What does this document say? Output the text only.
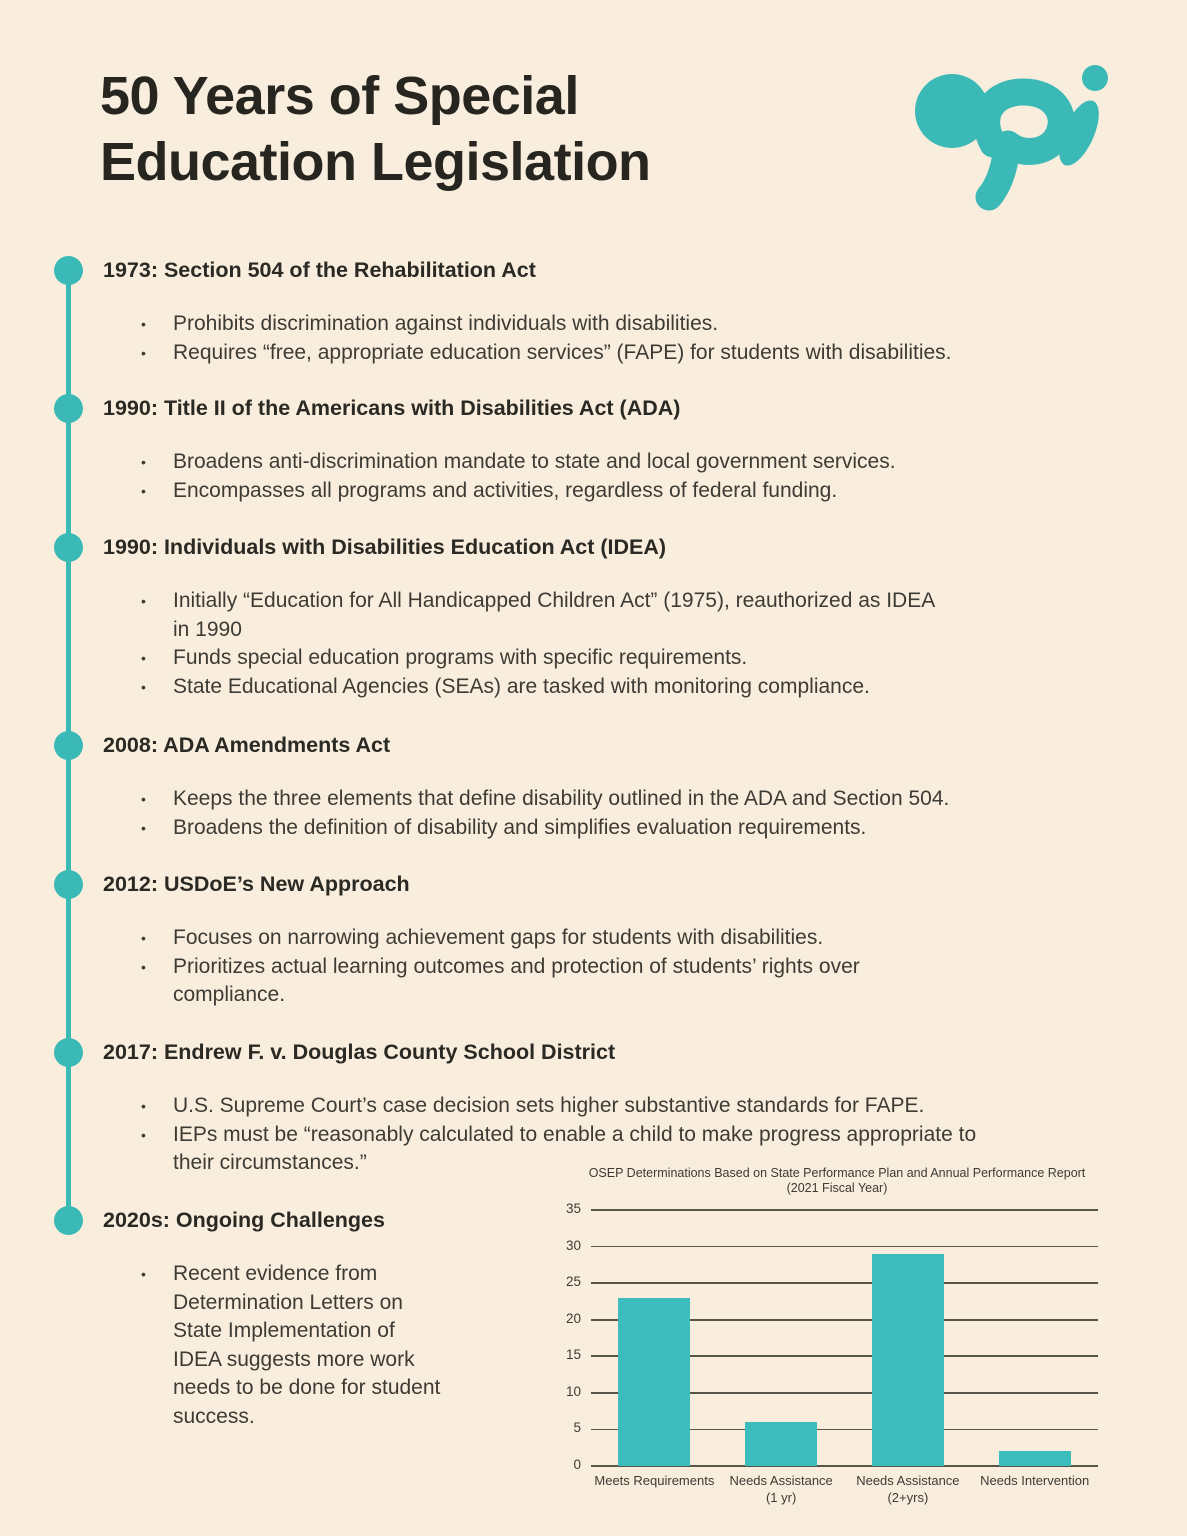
50 Years of Special Education Legislation
1973: Section 504 of the Rehabilitation Act
•	Prohibits discrimination against individuals with disabilities.
•	Requires “free, appropriate education services” (FAPE) for students with disabilities.
1990: Title II of the Americans with Disabilities Act (ADA)
•	Broadens anti-discrimination mandate to state and local government services.
•	Encompasses all programs and activities, regardless of federal funding.
1990: Individuals with Disabilities Education Act (IDEA)
•	Initially “Education for All Handicapped Children Act” (1975), reauthorized as IDEA in 1990
•	Funds special education programs with specific requirements.
•	State Educational Agencies (SEAs) are tasked with monitoring compliance.
2008: ADA Amendments Act
•	Keeps the three elements that define disability outlined in the ADA and Section 504.
•	Broadens the definition of disability and simplifies evaluation requirements.
2012: USDoE’s New Approach
•	Focuses on narrowing achievement gaps for students with disabilities.
•	Prioritizes actual learning outcomes and protection of students’ rights over compliance.
2017: Endrew F. v. Douglas County School District
•	U.S. Supreme Court’s case decision sets higher substantive standards for FAPE.
•	IEPs must be “reasonably calculated to enable a child to make progress appropriate to their circumstances.”
2020s: Ongoing Challenges
•	Recent evidence from Determination Letters on State Implementation of IDEA suggests more work needs to be done for student success.
OSEP Determinations Based on State Performance Plan and Annual Performance Report
(2021 Fiscal Year)
35
30
25
20
15
10
5
0
Meets Requirements	Needs Assistance
(1 yr)
Needs Assistance
(2+yrs)
Needs Intervention
